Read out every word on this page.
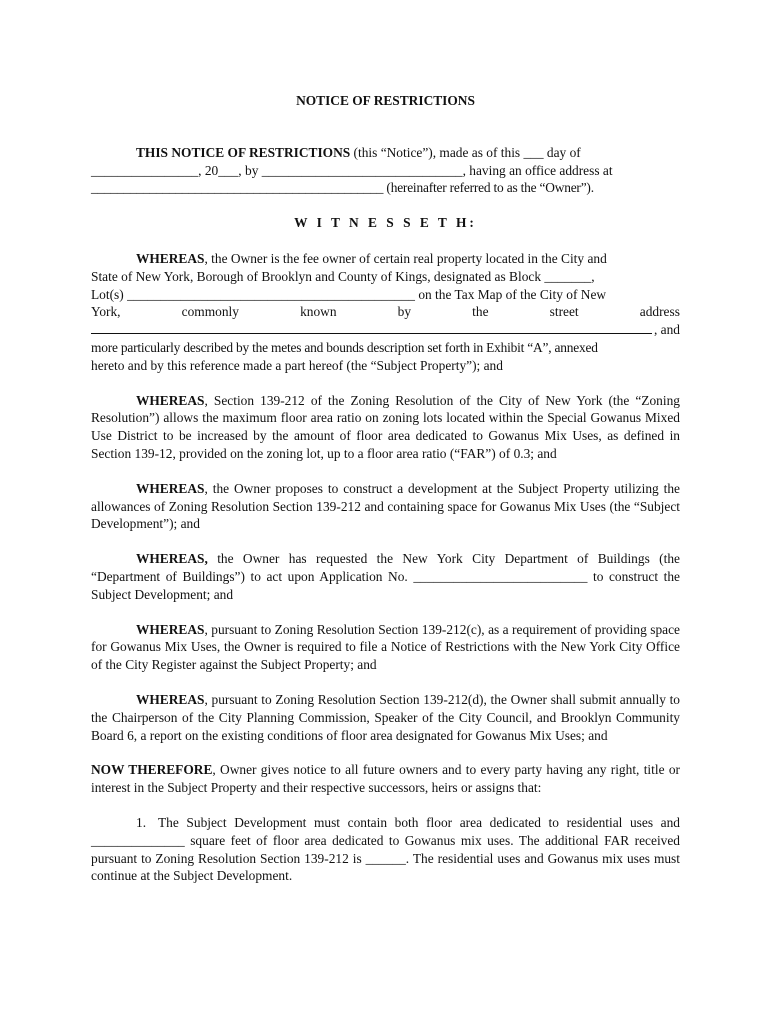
NOTICE OF RESTRICTIONS
THIS NOTICE OF RESTRICTIONS (this “Notice”), made as of this ___ day of
________________, 20___, by ______________________________, having an office address at
_____________________________________________ (hereinafter referred to as the “Owner”).
W I T N E S S E T H:
WHEREAS, the Owner is the fee owner of certain real property located in the City and
State of New York, Borough of Brooklyn and County of Kings, designated as Block _______,
Lot(s) ___________________________________________ on the Tax Map of the City of New
York,	commonly	known	by	the	street	address
, and
more particularly described by the metes and bounds description set forth in Exhibit “A”, annexed
hereto and by this reference made a part hereof (the “Subject Property”); and
WHEREAS, Section 139-212 of the Zoning Resolution of the City of New York (the “Zoning Resolution”) allows the maximum floor area ratio on zoning lots located within the Special Gowanus Mixed Use District to be increased by the amount of floor area dedicated to Gowanus Mix Uses, as defined in Section 139-12, provided on the zoning lot, up to a floor area ratio (“FAR”) of 0.3; and
WHEREAS, the Owner proposes to construct a development at the Subject Property utilizing the allowances of Zoning Resolution Section 139-212 and containing space for Gowanus Mix Uses (the “Subject Development”); and
WHEREAS, the Owner has requested the New York City Department of Buildings (the “Department of Buildings”) to act upon Application No. __________________________ to construct the Subject Development; and
WHEREAS, pursuant to Zoning Resolution Section 139-212(c), as a requirement of providing space for Gowanus Mix Uses, the Owner is required to file a Notice of Restrictions with the New York City Office of the City Register against the Subject Property; and
WHEREAS, pursuant to Zoning Resolution Section 139-212(d), the Owner shall submit annually to the Chairperson of the City Planning Commission, Speaker of the City Council, and Brooklyn Community Board 6, a report on the existing conditions of floor area designated for Gowanus Mix Uses; and
NOW THEREFORE, Owner gives notice to all future owners and to every party having any right, title or interest in the Subject Property and their respective successors, heirs or assigns that:
1. The Subject Development must contain both floor area dedicated to residential uses and ______________ square feet of floor area dedicated to Gowanus mix uses. The additional FAR received pursuant to Zoning Resolution Section 139-212 is ______. The residential uses and Gowanus mix uses must continue at the Subject Development.
